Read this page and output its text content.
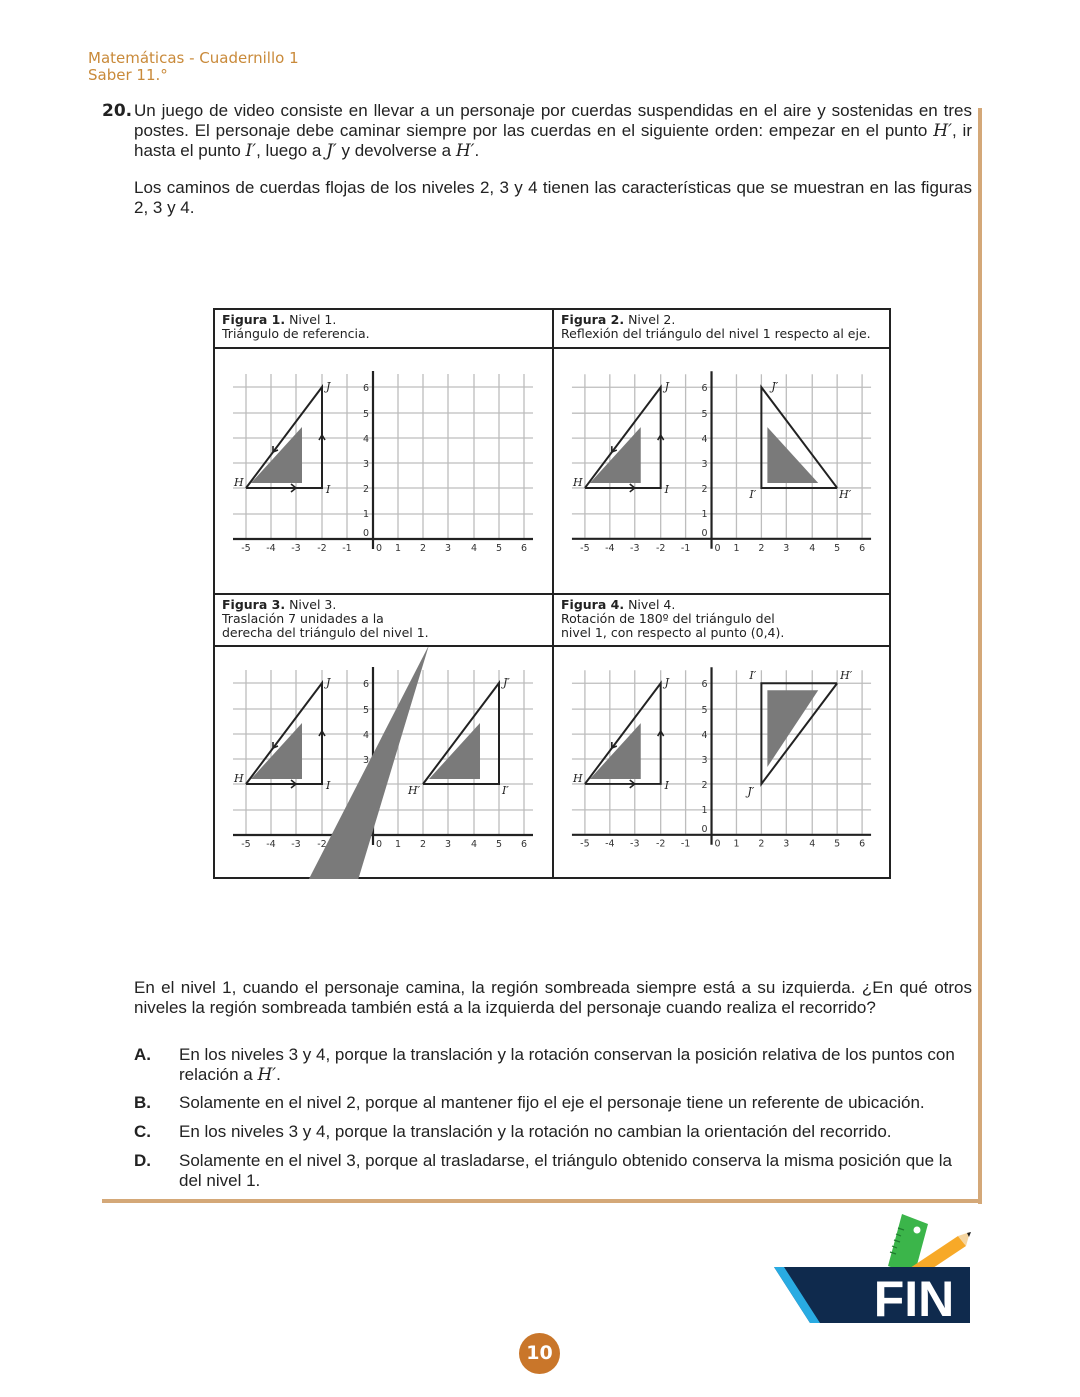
Matemáticas - Cuadernillo 1
Saber 11.°
20. Un juego de video consiste en llevar a un personaje por cuerdas suspendidas en el aire y sostenidas en tres postes. El personaje debe caminar siempre por las cuerdas en el siguiente orden: empezar en el punto H′, ir hasta el punto I′, luego a J′ y devolverse a H′.
Los caminos de cuerdas flojas de los niveles 2, 3 y 4 tienen las características que se muestran en las figuras 2, 3 y 4.
Figura 1. Nivel 1.
Triángulo de referencia.
-5 -4 -3 -2 -1	0 1 2 3 4 5 6
0
1
2
3
4
5
6
H
I
J
Figura 2. Nivel 2.
Reflexión del triángulo del nivel 1 respecto al eje.
I′	H′
J′
Figura 3. Nivel 3.
Traslación 7 unidades a la
derecha del triángulo del nivel 1.
H′	I′
J′
Figura 4. Nivel 4.
Rotación de 180º del triángulo del
nivel 1, con respecto al punto (0,4).
I′	H′
J′
En el nivel 1, cuando el personaje camina, la región sombreada siempre está a su izquierda. ¿En qué otros niveles la región sombreada también está a la izquierda del personaje cuando realiza el recorrido?
A. En los niveles 3 y 4, porque la translación y la rotación conservan la posición relativa de los puntos con relación a H′.
B. Solamente en el nivel 2, porque al mantener fijo el eje el personaje tiene un referente de ubicación.
C. En los niveles 3 y 4, porque la translación y la rotación no cambian la orientación del recorrido.
D. Solamente en el nivel 3, porque al trasladarse, el triángulo obtenido conserva la misma posición que la del nivel 1.
FIN
10
